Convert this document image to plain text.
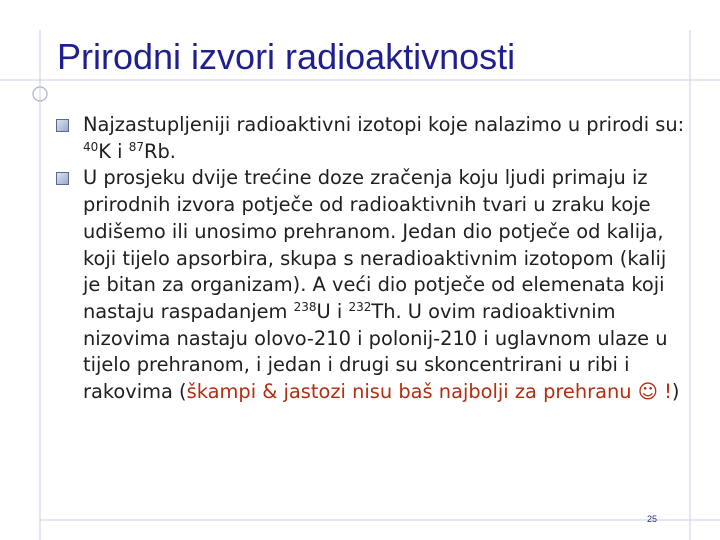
Prirodni izvori radioaktivnosti
Najzastupljeniji radioaktivni izotopi koje nalazimo u prirodi su: $^{40}$K i $^{87}$Rb.
U prosjeku dvije trećine doze zračenja koju ljudi primaju iz prirodnih izvora potječe od radioaktivnih tvari u zraku koje udišemo ili unosimo prehranom. Jedan dio potječe od kalija, koji tijelo apsorbira, skupa s neradioaktivnim izotopom (kalij je bitan za organizam). A veći dio potječe od elemenata koji nastaju raspadanjem $^{238}$U i $^{232}$Th. U ovim radioaktivnim nizovima nastaju olovo-210 i polonij-210 i uglavnom ulaze u tijelo prehranom, i jedan i drugi su skoncentrirani u ribi i rakovima (škampi & jastozi nisu baš najbolji za prehranu ☺ !)
25
